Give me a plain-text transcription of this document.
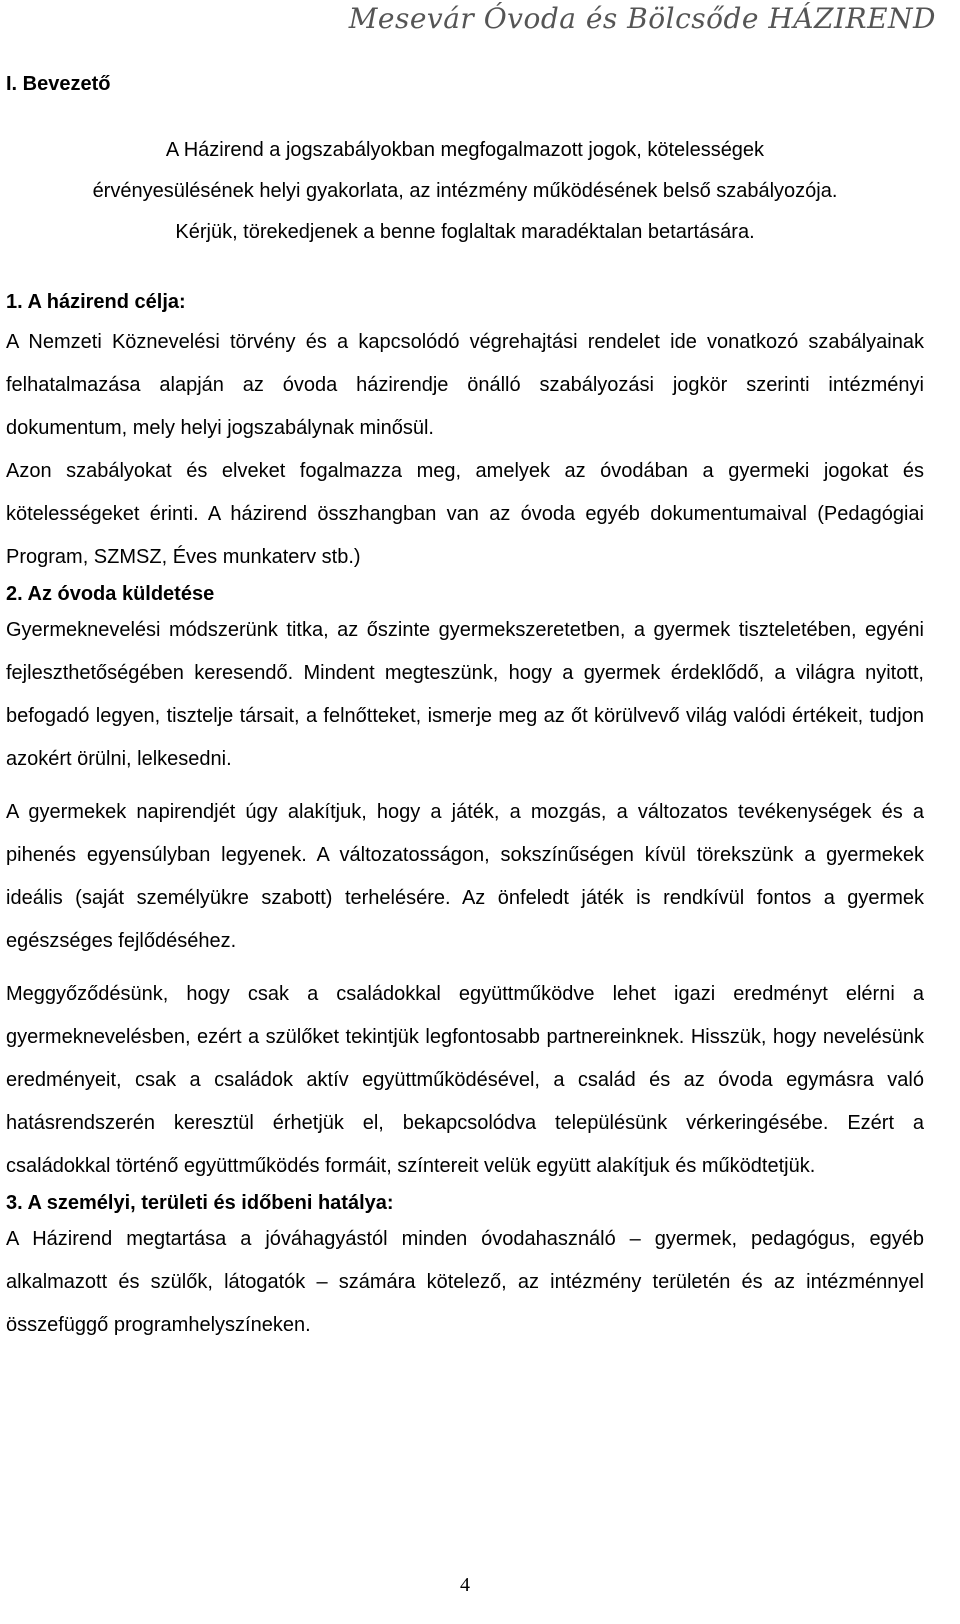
Mesevár Óvoda és Bölcsőde HÁZIREND
I. Bevezető

A Házirend a jogszabályokban megfogalmazott jogok, kötelességek

érvényesülésének helyi gyakorlata, az intézmény működésének belső szabályozója.

Kérjük, törekedjenek a benne foglaltak maradéktalan betartására.

1. A házirend célja:

A Nemzeti Köznevelési törvény és a kapcsolódó végrehajtási rendelet ide vonatkozó szabályainak felhatalmazása alapján az óvoda házirendje önálló szabályozási jogkör szerinti intézményi dokumentum, mely helyi jogszabálynak minősül.

Azon szabályokat és elveket fogalmazza meg, amelyek az óvodában a gyermeki jogokat és kötelességeket érinti. A házirend összhangban van az óvoda egyéb dokumentumaival (Pedagógiai Program, SZMSZ, Éves munkaterv stb.)

2. Az óvoda küldetése

Gyermeknevelési módszerünk titka, az őszinte gyermekszeretetben, a gyermek tiszteletében, egyéni fejleszthetőségében keresendő. Mindent megteszünk, hogy a gyermek érdeklődő, a világra nyitott, befogadó legyen, tisztelje társait, a felnőtteket, ismerje meg az őt körülvevő világ valódi értékeit, tudjon azokért örülni, lelkesedni.

A gyermekek napirendjét úgy alakítjuk, hogy a játék, a mozgás, a változatos tevékenységek és a pihenés egyensúlyban legyenek. A változatosságon, sokszínűségen kívül törekszünk a gyermekek ideális (saját személyükre szabott) terhelésére. Az önfeledt játék is rendkívül fontos a gyermek egészséges fejlődéséhez.

Meggyőződésünk, hogy csak a családokkal együttműködve lehet igazi eredményt elérni a gyermeknevelésben, ezért a szülőket tekintjük legfontosabb partnereinknek. Hisszük, hogy nevelésünk eredményeit, csak a családok aktív együttműködésével, a család és az óvoda egymásra való hatásrendszerén keresztül érhetjük el, bekapcsolódva településünk vérkeringésébe. Ezért a családokkal történő együttműködés formáit, színtereit velük együtt alakítjuk és működtetjük.

3. A személyi, területi és időbeni hatálya:

A Házirend megtartása a jóváhagyástól minden óvodahasználó – gyermek, pedagógus, egyéb alkalmazott és szülők, látogatók – számára kötelező, az intézmény területén és az intézménnyel összefüggő programhelyszíneken.

4
